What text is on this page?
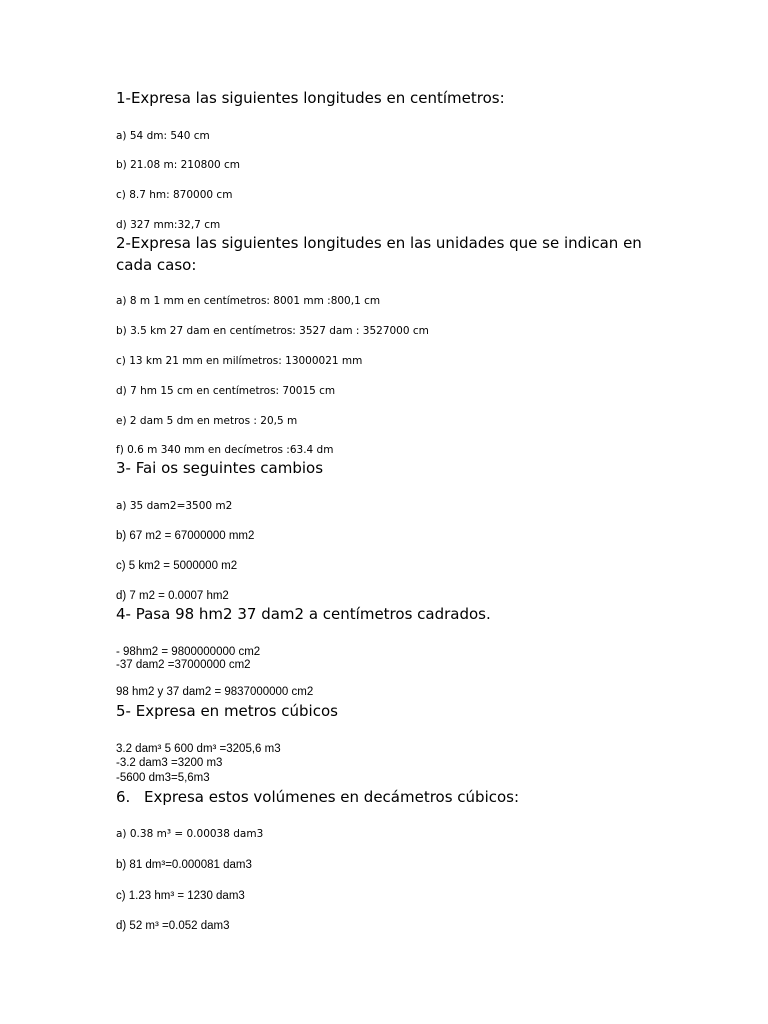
1-Expresa las siguientes longitudes en centímetros:
a) 54 dm: 540 cm
b) 21.08 m: 210800 cm
c) 8.7 hm: 870000 cm
d) 327 mm:32,7 cm
2-Expresa las siguientes longitudes en las unidades que se indican en
cada caso:
a) 8 m 1 mm en centímetros: 8001 mm :800,1 cm
b) 3.5 km 27 dam en centímetros: 3527 dam : 3527000 cm
c) 13 km 21 mm en milímetros: 13000021 mm
d) 7 hm 15 cm en centímetros: 70015 cm
e) 2 dam 5 dm en metros : 20,5 m
f) 0.6 m 340 mm en decímetros :63.4 dm
3- Fai os seguintes cambios
a) 35 dam2=3500 m2
b) 67 m2 = 67000000 mm2
c) 5 km2 = 5000000 m2
d) 7 m2 = 0.0007 hm2
4- Pasa 98 hm2 37 dam2 a centímetros cadrados.
- 98hm2 = 9800000000 cm2
-37 dam2 =37000000 cm2
98 hm2 y 37 dam2 = 9837000000 cm2
5- Expresa en metros cúbicos
3.2 dam³ 5 600 dm³ =3205,6 m3
-3.2 dam3 =3200 m3
-5600 dm3=5,6m3
6. Expresa estos volúmenes en decámetros cúbicos:
a) 0.38 m³ = 0.00038 dam3
b) 81 dm³=0.000081 dam3
c) 1.23 hm³ = 1230 dam3
d) 52 m³ =0.052 dam3
